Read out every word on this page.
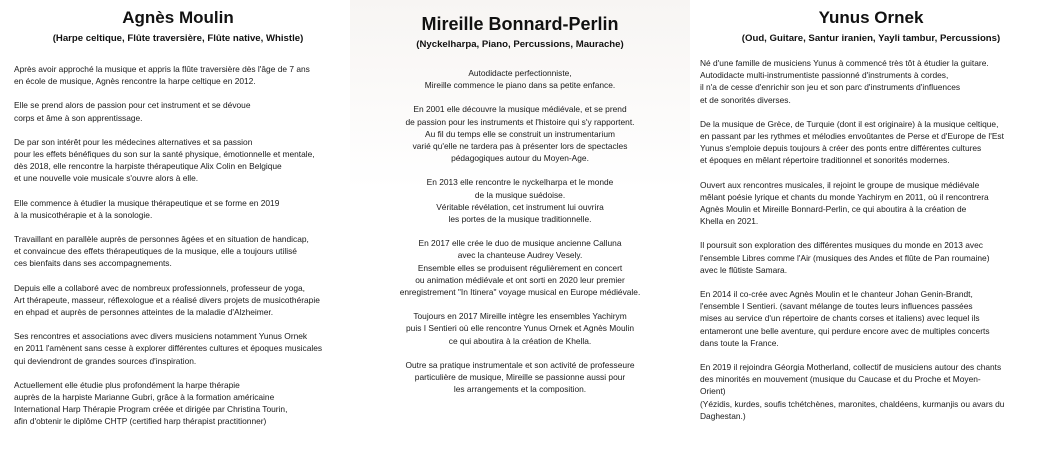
Agnès Moulin

(Harpe celtique, Flûte traversière, Flûte native, Whistle)

Après avoir approché la musique et appris la flûte traversière dès l'âge de 7 ans
en école de musique, Agnès rencontre la harpe celtique en 2012.

Elle se prend alors de passion pour cet instrument et se dévoue
corps et âme à son apprentissage.

De par son intérêt pour les médecines alternatives et sa passion
pour les effets bénéfiques du son sur la santé physique, émotionnelle et mentale,
dès 2018, elle rencontre la harpiste thérapeutique Alix Colin en Belgique
et une nouvelle voie musicale s'ouvre alors à elle.

Elle commence à étudier la musique thérapeutique et se forme en 2019
à la musicothérapie et à la sonologie.

Travaillant en parallèle auprès de personnes âgées et en situation de handicap,
et convaincue des effets thérapeutiques de la musique, elle a toujours utilisé
ces bienfaits dans ses accompagnements.

Depuis elle a collaboré avec de nombreux professionnels, professeur de yoga,
Art thérapeute, masseur, réflexologue et a réalisé divers projets de musicothérapie
en ehpad et auprès de personnes atteintes de la maladie d'Alzheimer.

Ses rencontres et associations avec divers musiciens notamment Yunus Ornek
en 2011 l'amènent sans cesse à explorer différentes cultures et époques musicales
qui deviendront de grandes sources d'inspiration.

Actuellement elle étudie plus profondément la harpe thérapie
auprès de la harpiste Marianne Gubri, grâce à la formation américaine
International Harp Thérapie Program créée et dirigée par Christina Tourin,
afin d'obtenir le diplôme CHTP (certified harp thérapist practitionner)

Mireille Bonnard-Perlin

(Nyckelharpa, Piano, Percussions, Maurache)

Autodidacte perfectionniste,
Mireille commence le piano dans sa petite enfance.

En 2001 elle découvre la musique médiévale, et se prend
de passion pour les instruments et l'histoire qui s'y rapportent.
Au fil du temps elle se construit un instrumentarium
varié qu'elle ne tardera pas à présenter lors de spectacles
pédagogiques autour du Moyen-Age.

En 2013 elle rencontre le nyckelharpa et le monde
de la musique suédoise.
Véritable révélation, cet instrument lui ouvrira
les portes de la musique traditionnelle.

En 2017 elle crée le duo de musique ancienne Calluna
avec la chanteuse Audrey Vesely.
Ensemble elles se produisent régulièrement en concert
ou animation médiévale et ont sorti en 2020 leur premier
enregistrement "In Itinera" voyage musical en Europe médiévale.

Toujours en 2017 Mireille intègre les ensembles Yachirym
puis I Sentieri où elle rencontre Yunus Ornek et Agnès Moulin
ce qui aboutira à la création de Khella.

Outre sa pratique instrumentale et son activité de professeure
particulière de musique, Mireille se passionne aussi pour
les arrangements et la composition.

Yunus Ornek

(Oud, Guitare, Santur iranien, Yayli tambur, Percussions)

Né d'une famille de musiciens Yunus à commencé très tôt à étudier la guitare.
Autodidacte multi-instrumentiste passionné d'instruments à cordes,
il n'a de cesse d'enrichir son jeu et son parc d'instruments d'influences
et de sonorités diverses.

De la musique de Grèce, de Turquie (dont il est originaire) à la musique celtique,
en passant par les rythmes et mélodies envoûtantes de Perse et d'Europe de l'Est
Yunus s'emploie depuis toujours à créer des ponts entre différentes cultures
et époques en mêlant répertoire traditionnel et sonorités modernes.

Ouvert aux rencontres musicales, il rejoint le groupe de musique médiévale
mêlant poésie lyrique et chants du monde Yachirym en 2011, où il rencontrera
Agnès Moulin et Mireille Bonnard-Perlin, ce qui aboutira à la création de
Khella en 2021.

Il poursuit son exploration des différentes musiques du monde en 2013 avec
l'ensemble Libres comme l'Air (musiques des Andes et flûte de Pan roumaine)
avec le flûtiste Samara.

En 2014 il co-crée avec Agnès Moulin et le chanteur Johan Genin-Brandt,
l'ensemble I Sentieri. (savant mélange de toutes leurs influences passées
mises au service d'un répertoire de chants corses et italiens) avec lequel ils
entameront une belle aventure, qui perdure encore avec de multiples concerts
dans toute la France.

En 2019 il rejoindra Géorgia Motherland, collectif de musiciens autour des chants
des minorités en mouvement (musique du Caucase et du Proche et Moyen-
Orient)
(Yézidis, kurdes, soufis tchétchènes, maronites, chaldéens, kurmanjis ou avars du
Daghestan.)
